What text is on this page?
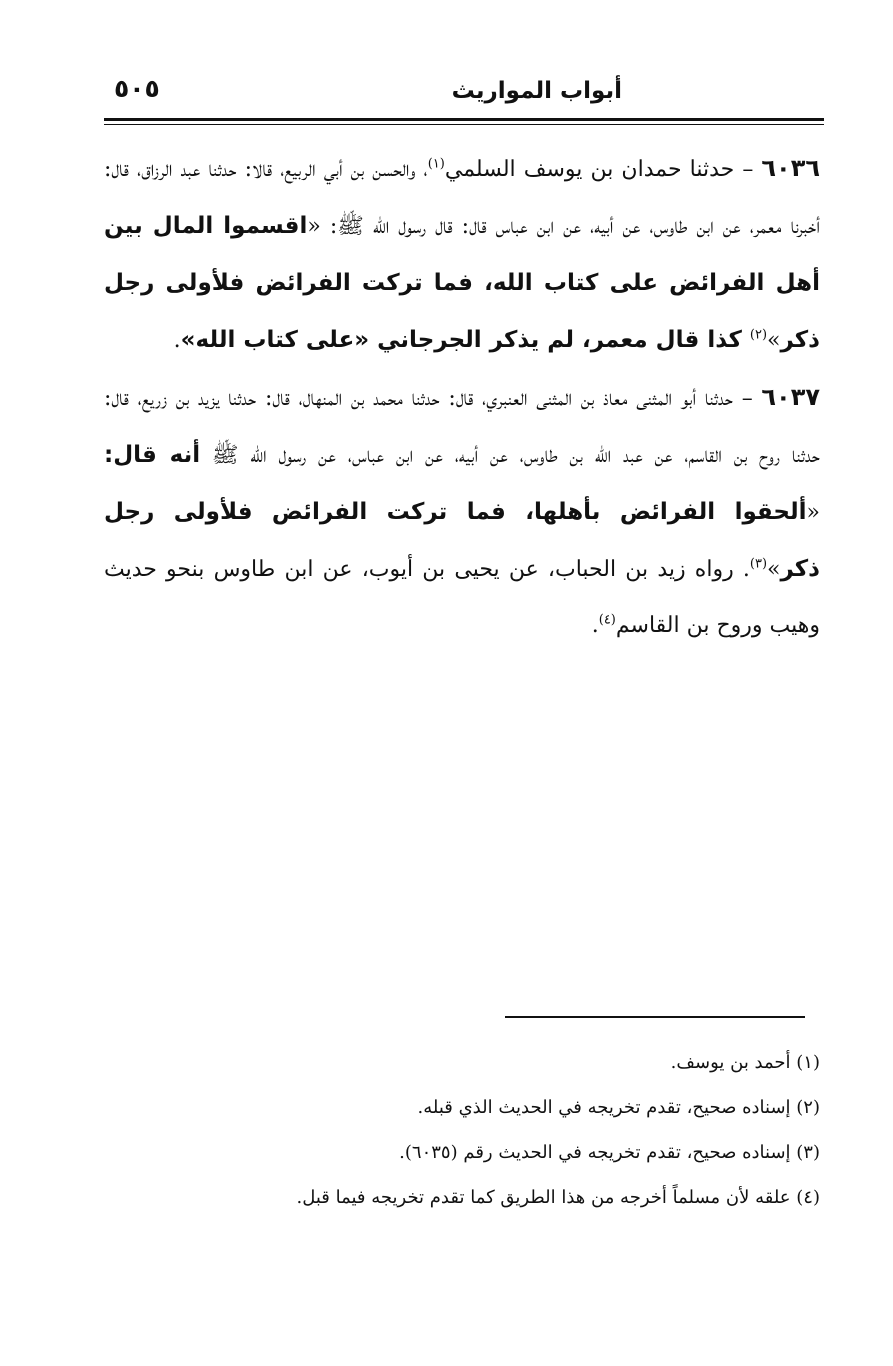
أبواب المواريث
٥٠٥

٦٠٣٦ – حدثنا حمدان بن يوسف السلمي$^{(١)}$، والحسن بن أبي الربيع، قالا: حدثنا عبد الرزاق، قال: أخبرنا معمر، عن ابن طاوس، عن أبيه، عن ابن عباس قال: قال رسول الله ﷺ: «اقسموا المال بين أهل الفرائض على كتاب الله، فما تركت الفرائض فلأولى رجل ذكر»$^{(٢)}$ كذا قال معمر، لم يذكر الجرجاني «على كتاب الله».

٦٠٣٧ – حدثنا أبو المثنى معاذ بن المثنى العنبري، قال: حدثنا محمد بن المنهال، قال: حدثنا يزيد بن زريع، قال: حدثنا روح بن القاسم، عن عبد الله بن طاوس، عن أبيه، عن ابن عباس، عن رسول الله ﷺ أنه قال: «ألحقوا الفرائض بأهلها، فما تركت الفرائض فلأولى رجل ذكر»$^{(٣)}$. رواه زيد بن الحباب، عن يحيى بن أيوب، عن ابن طاوس بنحو حديث وهيب وروح بن القاسم$^{(٤)}$.

(١) أحمد بن يوسف.

(٢) إسناده صحيح، تقدم تخريجه في الحديث الذي قبله.

(٣) إسناده صحيح، تقدم تخريجه في الحديث رقم (٦٠٣٥).

(٤) علقه لأن مسلماً أخرجه من هذا الطريق كما تقدم تخريجه فيما قبل.
